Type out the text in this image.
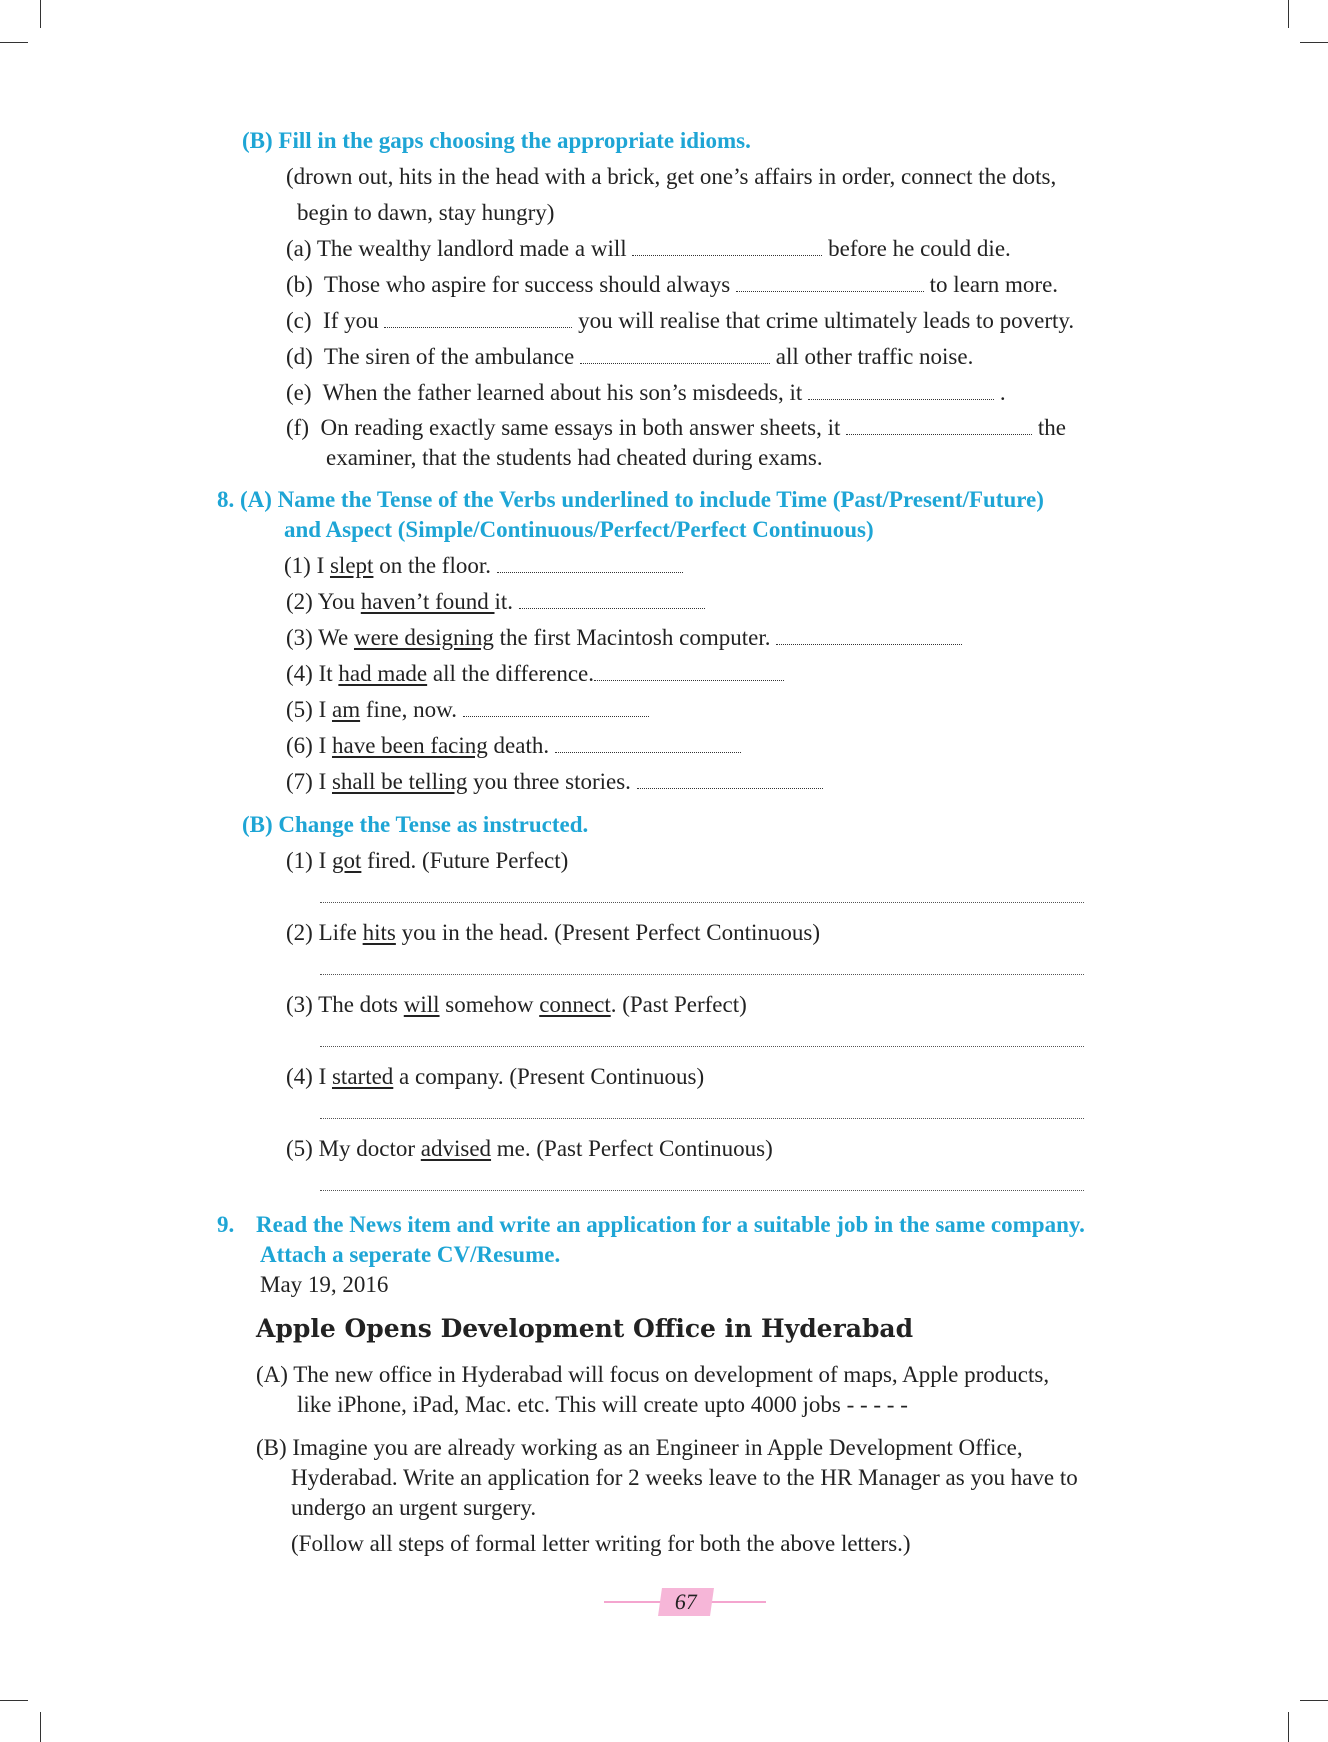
(B) Fill in the gaps choosing the appropriate idioms.
(drown out, hits in the head with a brick, get one’s affairs in order, connect the dots,
begin to dawn, stay hungry)
(a) The wealthy landlord made a will	before he could die.
(b) Those who aspire for success should always	to learn more.
(c) If you	you will realise that crime ultimately leads to poverty.
(d) The siren of the ambulance	all other traffic noise.
(e) When the father learned about his son’s misdeeds, it	.
(f) On reading exactly same essays in both answer sheets, it	the
examiner, that the students had cheated during exams.
8. (A) Name the Tense of the Verbs underlined to include Time (Past/Present/Future)
and Aspect (Simple/Continuous/Perfect/Perfect Continuous)
(1) I slept on the floor.
(2) You haven’t found it.
(3) We were designing the first Macintosh computer.
(4) It had made all the difference.
(5) I am fine, now.
(6) I have been facing death.
(7) I shall be telling you three stories.
(B) Change the Tense as instructed.
(1) I got fired. (Future Perfect)
(2) Life hits you in the head. (Present Perfect Continuous)
(3) The dots will somehow connect. (Past Perfect)
(4) I started a company. (Present Continuous)
(5) My doctor advised me. (Past Perfect Continuous)
9. Read the News item and write an application for a suitable job in the same company.
Attach a seperate CV/Resume.
May 19, 2016
Apple Opens Development Office in Hyderabad
(A) The new office in Hyderabad will focus on development of maps, Apple products,
like iPhone, iPad, Mac. etc. This will create upto 4000 jobs - - - - -
(B) Imagine you are already working as an Engineer in Apple Development Office,
Hyderabad. Write an application for 2 weeks leave to the HR Manager as you have to
undergo an urgent surgery.
(Follow all steps of formal letter writing for both the above letters.)
67
